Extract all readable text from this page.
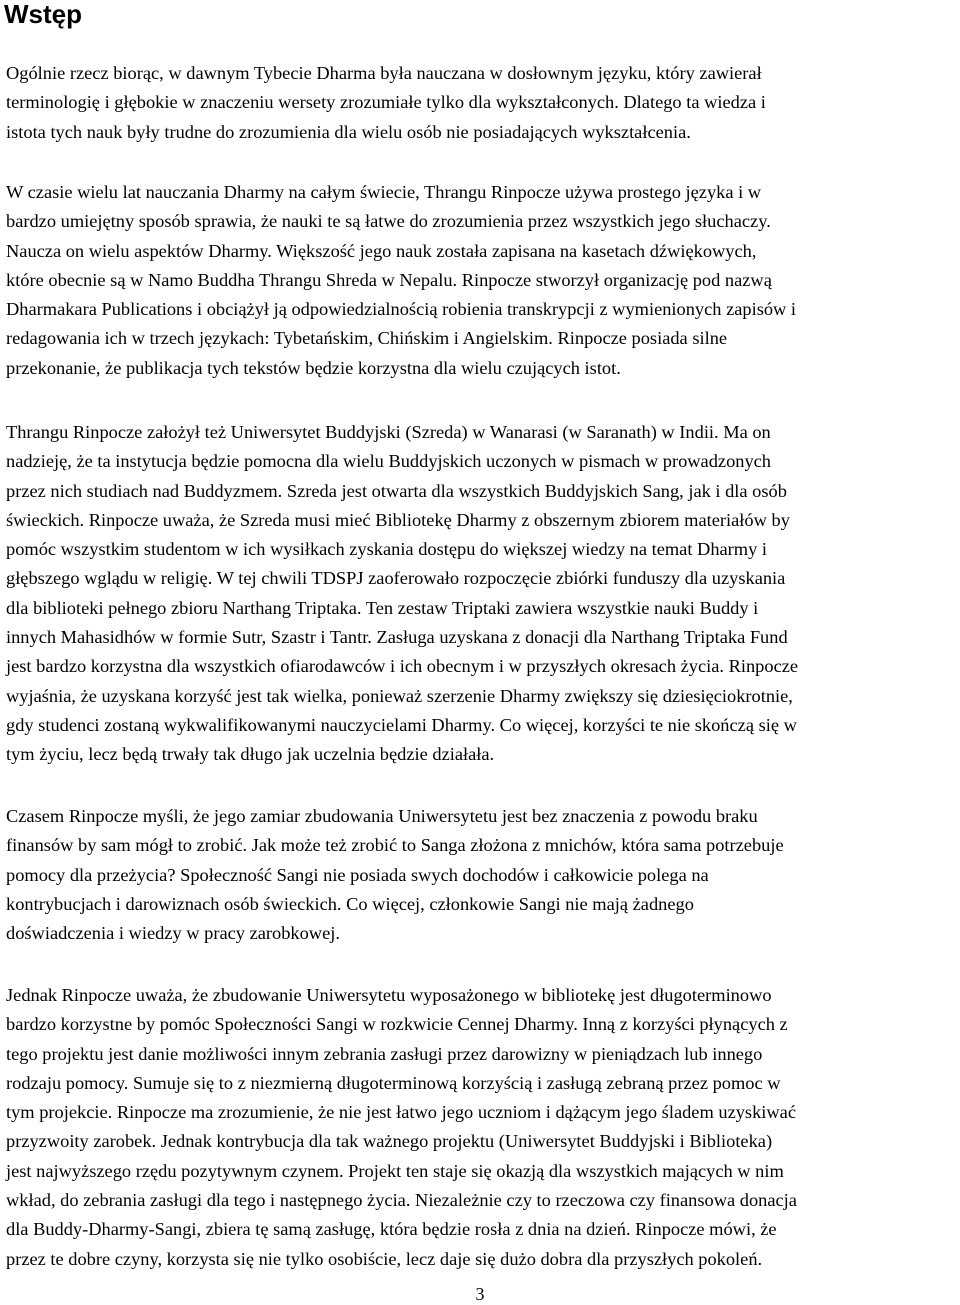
Wstęp
Ogólnie rzecz biorąc, w dawnym Tybecie Dharma była nauczana w dosłownym języku, który zawierał
terminologię i głębokie w znaczeniu wersety zrozumiałe tylko dla wykształconych. Dlatego ta wiedza i
istota tych nauk były trudne do zrozumienia dla wielu osób nie posiadających wykształcenia.
W czasie wielu lat nauczania Dharmy na całym świecie, Thrangu Rinpocze używa prostego języka i w
bardzo umiejętny sposób sprawia, że nauki te są łatwe do zrozumienia przez wszystkich jego słuchaczy.
Naucza on wielu aspektów Dharmy. Większość jego nauk została zapisana na kasetach dźwiękowych,
które obecnie są w Namo Buddha Thrangu Shreda w Nepalu. Rinpocze stworzył organizację pod nazwą
Dharmakara Publications i obciążył ją odpowiedzialnością robienia transkrypcji z wymienionych zapisów i
redagowania ich w trzech językach: Tybetańskim, Chińskim i Angielskim. Rinpocze posiada silne
przekonanie, że publikacja tych tekstów będzie korzystna dla wielu czujących istot.
Thrangu Rinpocze założył też Uniwersytet Buddyjski (Szreda) w Wanarasi (w Saranath) w Indii. Ma on
nadzieję, że ta instytucja będzie pomocna dla wielu Buddyjskich uczonych w pismach w prowadzonych
przez nich studiach nad Buddyzmem. Szreda jest otwarta dla wszystkich Buddyjskich Sang, jak i dla osób
świeckich. Rinpocze uważa, że Szreda musi mieć Bibliotekę Dharmy z obszernym zbiorem materiałów by
pomóc wszystkim studentom w ich wysiłkach zyskania dostępu do większej wiedzy na temat Dharmy i
głębszego wglądu w religię. W tej chwili TDSPJ zaoferowało rozpoczęcie zbiórki funduszy dla uzyskania
dla biblioteki pełnego zbioru Narthang Triptaka. Ten zestaw Triptaki zawiera wszystkie nauki Buddy i
innych Mahasidhów w formie Sutr, Szastr i Tantr. Zasługa uzyskana z donacji dla Narthang Triptaka Fund
jest bardzo korzystna dla wszystkich ofiarodawców i ich obecnym i w przyszłych okresach życia. Rinpocze
wyjaśnia, że uzyskana korzyść jest tak wielka, ponieważ szerzenie Dharmy zwiększy się dziesięciokrotnie,
gdy studenci zostaną wykwalifikowanymi nauczycielami Dharmy. Co więcej, korzyści te nie skończą się w
tym życiu, lecz będą trwały tak długo jak uczelnia będzie działała.
Czasem Rinpocze myśli, że jego zamiar zbudowania Uniwersytetu jest bez znaczenia z powodu braku
finansów by sam mógł to zrobić. Jak może też zrobić to Sanga złożona z mnichów, która sama potrzebuje
pomocy dla przeżycia? Społeczność Sangi nie posiada swych dochodów i całkowicie polega na
kontrybucjach i darowiznach osób świeckich. Co więcej, członkowie Sangi nie mają żadnego
doświadczenia i wiedzy w pracy zarobkowej.
Jednak Rinpocze uważa, że zbudowanie Uniwersytetu wyposażonego w bibliotekę jest długoterminowo
bardzo korzystne by pomóc Społeczności Sangi w rozkwicie Cennej Dharmy. Inną z korzyści płynących z
tego projektu jest danie możliwości innym zebrania zasługi przez darowizny w pieniądzach lub innego
rodzaju pomocy. Sumuje się to z niezmierną długoterminową korzyścią i zasługą zebraną przez pomoc w
tym projekcie. Rinpocze ma zrozumienie, że nie jest łatwo jego uczniom i dążącym jego śladem uzyskiwać
przyzwoity zarobek. Jednak kontrybucja dla tak ważnego projektu (Uniwersytet Buddyjski i Biblioteka)
jest najwyższego rzędu pozytywnym czynem. Projekt ten staje się okazją dla wszystkich mających w nim
wkład, do zebrania zasługi dla tego i następnego życia. Niezależnie czy to rzeczowa czy finansowa donacja
dla Buddy-Dharmy-Sangi, zbiera tę samą zasługę, która będzie rosła z dnia na dzień. Rinpocze mówi, że
przez te dobre czyny, korzysta się nie tylko osobiście, lecz daje się dużo dobra dla przyszłych pokoleń.
3
